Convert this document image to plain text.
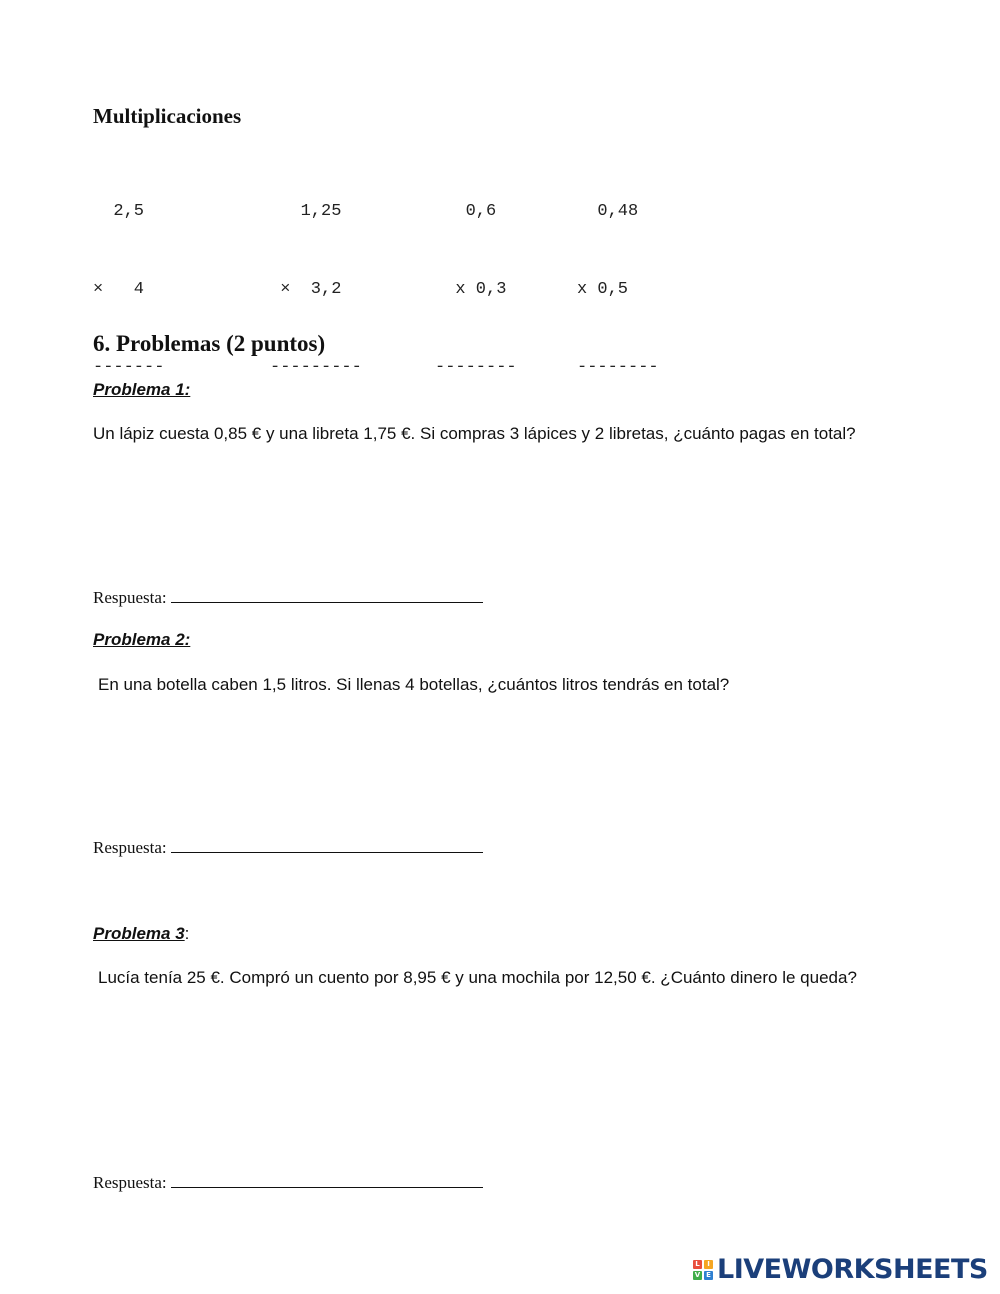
Multiplicaciones

2,5

×   4

-------

1,25

×  3,2

---------

0,6

x 0,3

--------

0,48

x 0,5

--------

6. Problemas (2 puntos)
Problema 1:
Un lápiz cuesta 0,85 € y una libreta 1,75 €. Si compras 3 lápices y 2 libretas, ¿cuánto pagas en total?
Respuesta:
Problema 2:
En una botella caben 1,5 litros. Si llenas 4 botellas, ¿cuántos litros tendrás en total?
Respuesta:
Problema 3:
Lucía tenía 25 €. Compró un cuento por 8,95 € y una mochila por 12,50 €. ¿Cuánto dinero le queda?
Respuesta:
L	I
V E LIVEWORKSHEETS
